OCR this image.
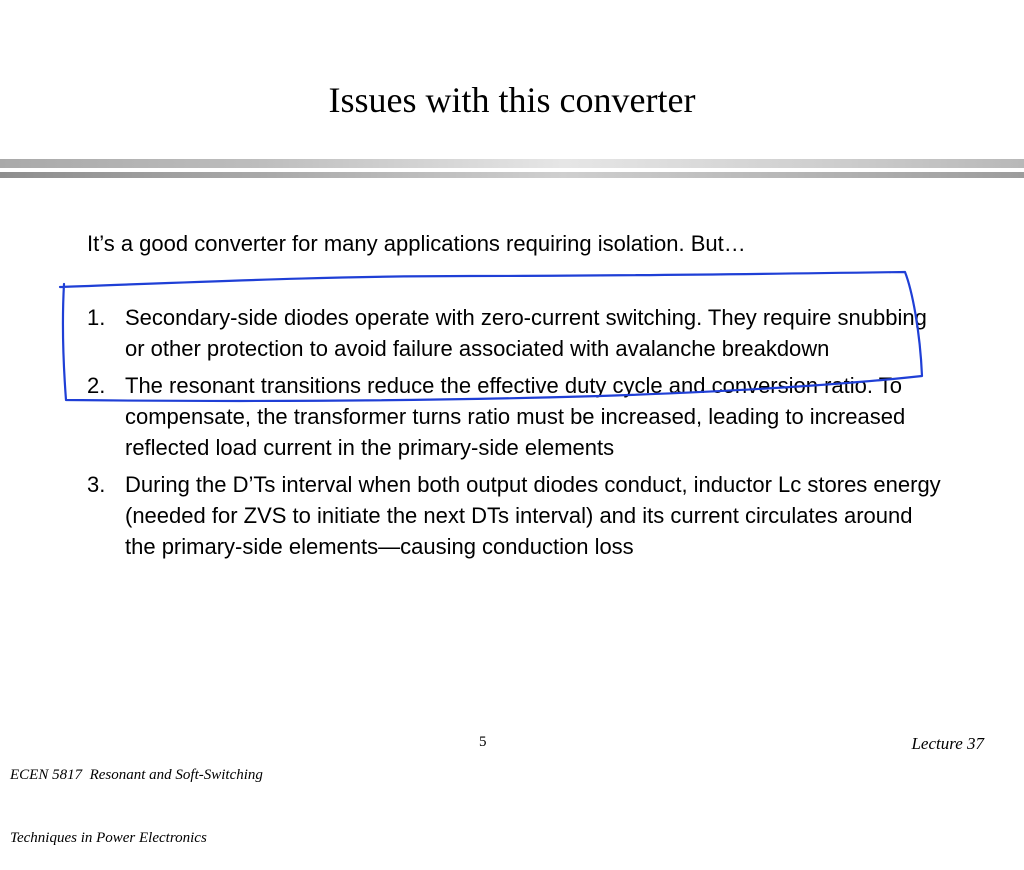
Issues with this converter

It’s a good converter for many applications requiring isolation. But…

1. Secondary-side diodes operate with zero-current switching. They require snubbing or other protection to avoid failure associated with avalanche breakdown
2. The resonant transitions reduce the effective duty cycle and conversion ratio. To compensate, the transformer turns ratio must be increased, leading to increased reflected load current in the primary-side elements
3. During the D’Ts interval when both output diodes conduct, inductor Lc stores energy (needed for ZVS to initiate the next DTs interval) and its current circulates around the primary-side elements—causing conduction loss

ECEN 5817  Resonant and Soft-Switching

Techniques in Power Electronics

5	Lecture 37
